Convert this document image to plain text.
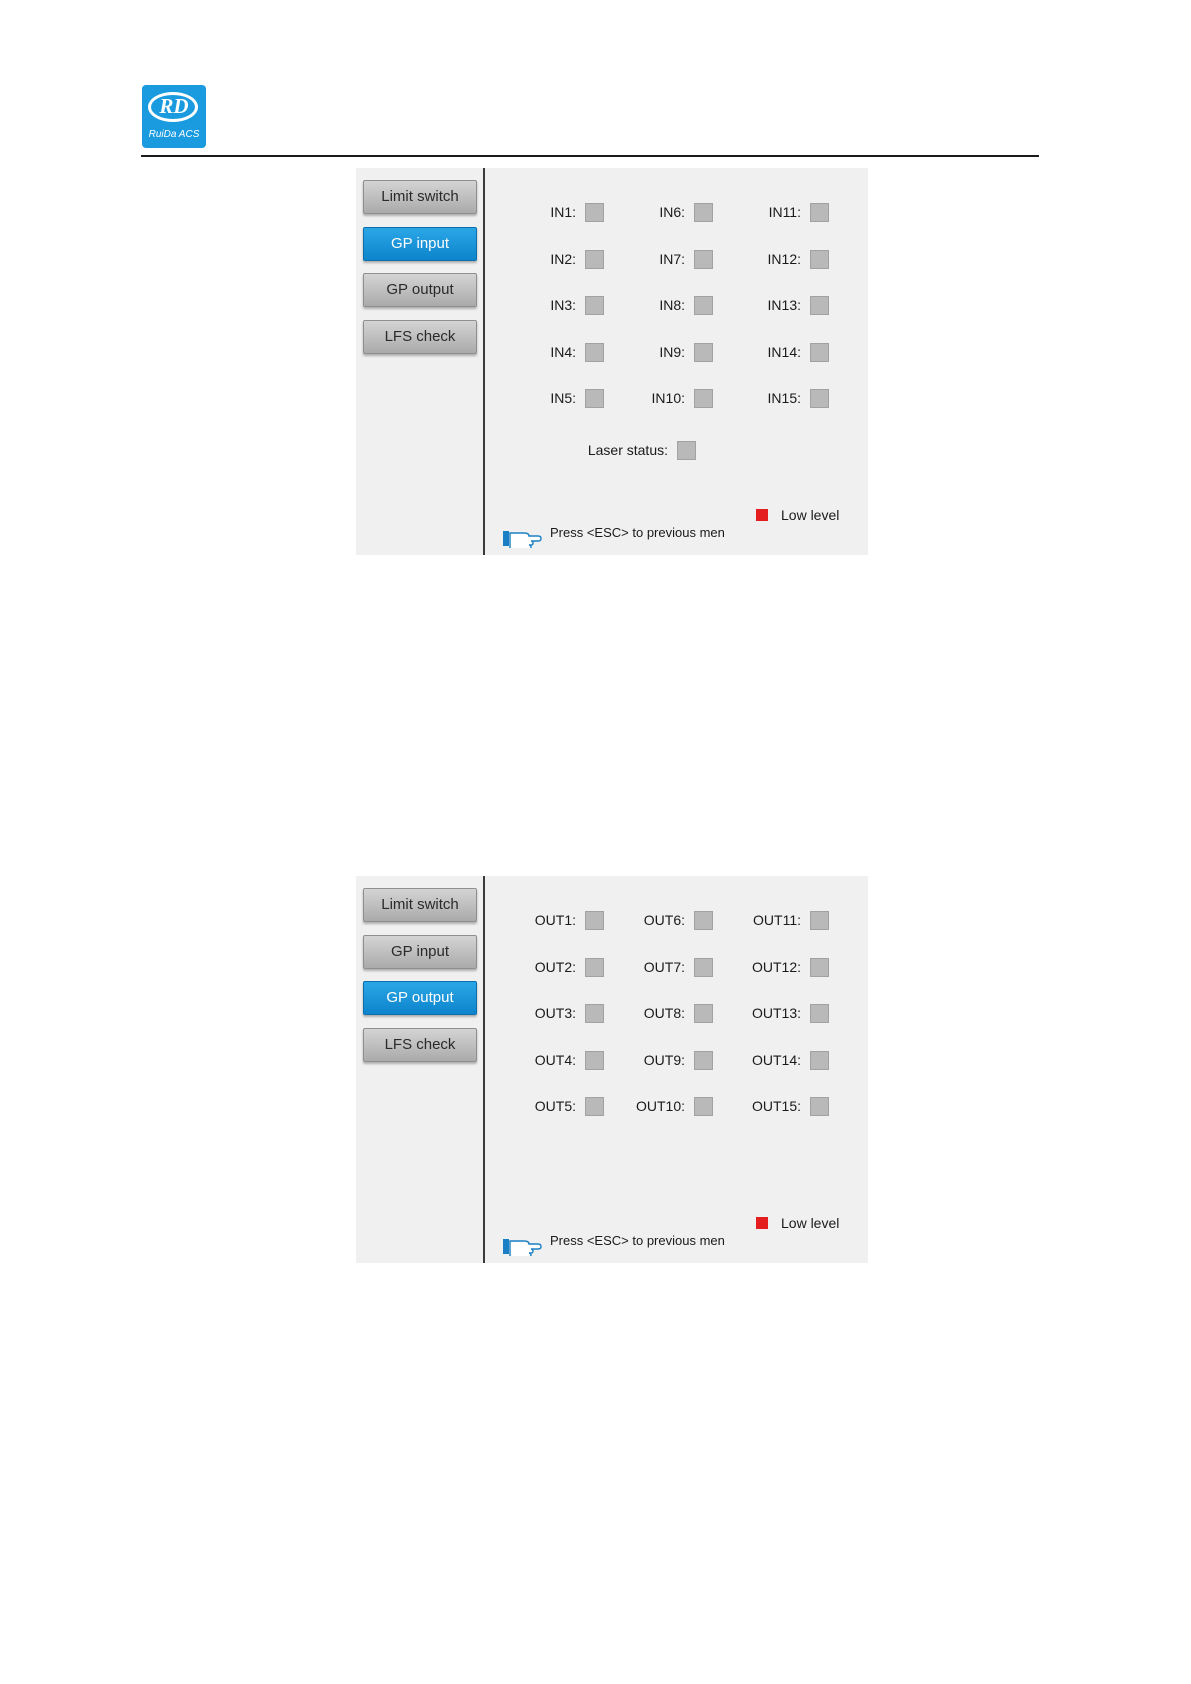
RD
RuiDa ACS
Limit switch
GP input
GP output
LFS check
IN1:
IN2:
IN3:
IN4:
IN5:
IN6:
IN7:
IN8:
IN9:
IN10:
IN11:
IN12:
IN13:
IN14:
IN15:
Laser status:
Low level
Press <ESC> to previous men
Limit switch
GP input
GP output
LFS check
OUT1:
OUT2:
OUT3:
OUT4:
OUT5:
OUT6:
OUT7:
OUT8:
OUT9:
OUT10:
OUT11:
OUT12:
OUT13:
OUT14:
OUT15:
Low level
Press <ESC> to previous men
